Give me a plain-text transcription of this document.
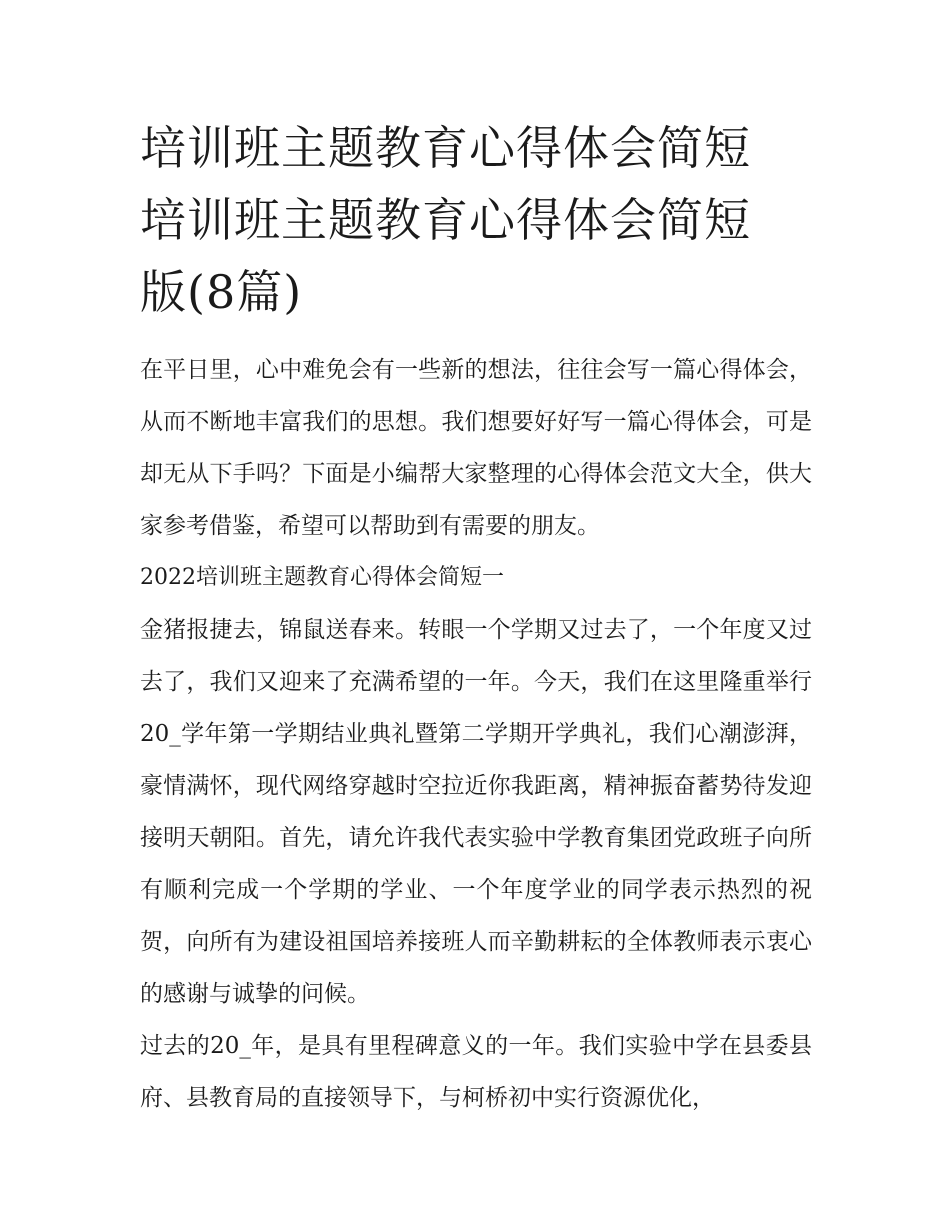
培训班主题教育心得体会简短
培训班主题教育心得体会简短
版(8篇)

在平日里，心中难免会有一些新的想法，往往会写一篇心得体会，从而不断地丰富我们的思想。我们想要好好写一篇心得体会，可是却无从下手吗？下面是小编帮大家整理的心得体会范文大全，供大家参考借鉴，希望可以帮助到有需要的朋友。

2022培训班主题教育心得体会简短一

金猪报捷去，锦鼠送春来。转眼一个学期又过去了，一个年度又过去了，我们又迎来了充满希望的一年。今天，我们在这里隆重举行20_学年第一学期结业典礼暨第二学期开学典礼，我们心潮澎湃，豪情满怀，现代网络穿越时空拉近你我距离，精神振奋蓄势待发迎接明天朝阳。首先，请允许我代表实验中学教育集团党政班子向所有顺利完成一个学期的学业、一个年度学业的同学表示热烈的祝贺，向所有为建设祖国培养接班人而辛勤耕耘的全体教师表示衷心的感谢与诚挚的问候。

过去的20_年，是具有里程碑意义的一年。我们实验中学在县委县府、县教育局的直接领导下，与柯桥初中实行资源优化，
